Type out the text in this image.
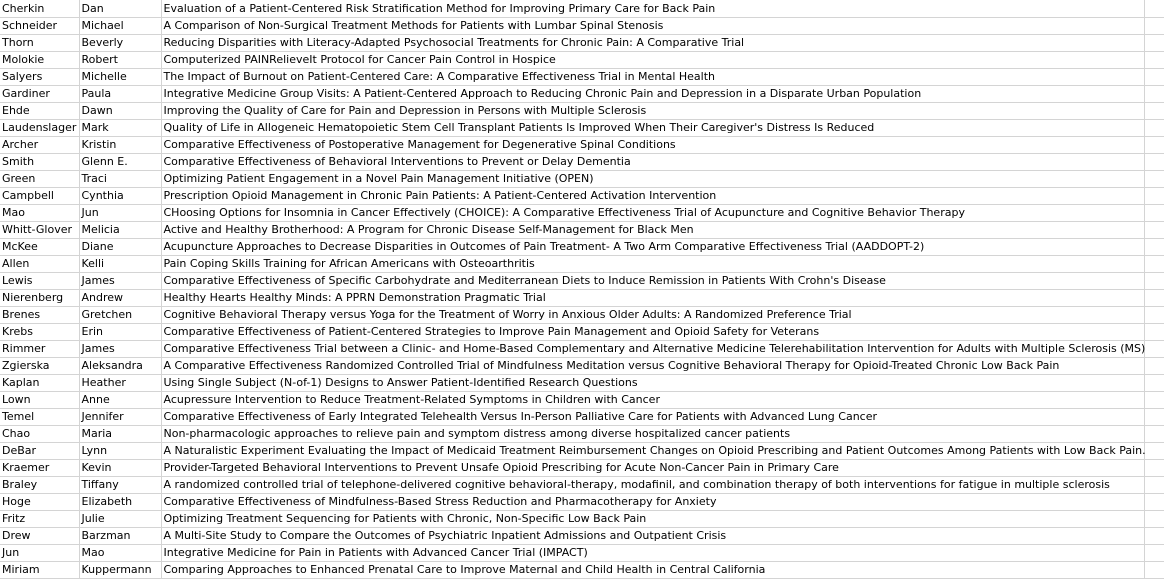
Cherkin	Dan	Evaluation of a Patient-Centered Risk Stratification Method for Improving Primary Care for Back Pain	
Schneider	Michael	A Comparison of Non-Surgical Treatment Methods for Patients with Lumbar Spinal Stenosis	
Thorn	Beverly	Reducing Disparities with Literacy-Adapted Psychosocial Treatments for Chronic Pain: A Comparative Trial	
Molokie	Robert	Computerized PAINRelieveIt Protocol for Cancer Pain Control in Hospice	
Salyers	Michelle	The Impact of Burnout on Patient-Centered Care: A Comparative Effectiveness Trial in Mental Health	
Gardiner	Paula	Integrative Medicine Group Visits: A Patient-Centered Approach to Reducing Chronic Pain and Depression in a Disparate Urban Population	
Ehde	Dawn	Improving the Quality of Care for Pain and Depression in Persons with Multiple Sclerosis	
Laudenslager	Mark	Quality of Life in Allogeneic Hematopoietic Stem Cell Transplant Patients Is Improved When Their Caregiver's Distress Is Reduced	
Archer	Kristin	Comparative Effectiveness of Postoperative Management for Degenerative Spinal Conditions	
Smith	Glenn E.	Comparative Effectiveness of Behavioral Interventions to Prevent or Delay Dementia	
Green	Traci	Optimizing Patient Engagement in a Novel Pain Management Initiative (OPEN)	
Campbell	Cynthia	Prescription Opioid Management in Chronic Pain Patients: A Patient-Centered Activation Intervention	
Mao	Jun	CHoosing Options for Insomnia in Cancer Effectively (CHOICE): A Comparative Effectiveness Trial of Acupuncture and Cognitive Behavior Therapy	
Whitt-Glover	Melicia	Active and Healthy Brotherhood: A Program for Chronic Disease Self-Management for Black Men	
McKee	Diane	Acupuncture Approaches to Decrease Disparities in Outcomes of Pain Treatment- A Two Arm Comparative Effectiveness Trial (AADDOPT-2)	
Allen	Kelli	Pain Coping Skills Training for African Americans with Osteoarthritis	
Lewis	James	Comparative Effectiveness of Specific Carbohydrate and Mediterranean Diets to Induce Remission in Patients With Crohn's Disease	
Nierenberg	Andrew	Healthy Hearts Healthy Minds: A PPRN Demonstration Pragmatic Trial	
Brenes	Gretchen	Cognitive Behavioral Therapy versus Yoga for the Treatment of Worry in Anxious Older Adults: A Randomized Preference Trial	
Krebs	Erin	Comparative Effectiveness of Patient-Centered Strategies to Improve Pain Management and Opioid Safety for Veterans	
Rimmer	James	Comparative Effectiveness Trial between a Clinic- and Home-Based Complementary and Alternative Medicine Telerehabilitation Intervention for Adults with Multiple Sclerosis (MS)	
Zgierska	Aleksandra	A Comparative Effectiveness Randomized Controlled Trial of Mindfulness Meditation versus Cognitive Behavioral Therapy for Opioid-Treated Chronic Low Back Pain	
Kaplan	Heather	Using Single Subject (N-of-1) Designs to Answer Patient-Identified Research Questions	
Lown	Anne	Acupressure Intervention to Reduce Treatment-Related Symptoms in Children with Cancer	
Temel	Jennifer	Comparative Effectiveness of Early Integrated Telehealth Versus In-Person Palliative Care for Patients with Advanced Lung Cancer	
Chao	Maria	Non-pharmacologic approaches to relieve pain and symptom distress among diverse hospitalized cancer patients	
DeBar	Lynn	A Naturalistic Experiment Evaluating the Impact of Medicaid Treatment Reimbursement Changes on Opioid Prescribing and Patient Outcomes Among Patients with Low Back Pain.	
Kraemer	Kevin	Provider-Targeted Behavioral Interventions to Prevent Unsafe Opioid Prescribing for Acute Non-Cancer Pain in Primary Care	
Braley	Tiffany	A randomized controlled trial of telephone-delivered cognitive behavioral-therapy, modafinil, and combination therapy of both interventions for fatigue in multiple sclerosis	
Hoge	Elizabeth	Comparative Effectiveness of Mindfulness-Based Stress Reduction and Pharmacotherapy for Anxiety	
Fritz	Julie	Optimizing Treatment Sequencing for Patients with Chronic, Non-Specific Low Back Pain	
Drew	Barzman	A Multi-Site Study to Compare the Outcomes of Psychiatric Inpatient Admissions and Outpatient Crisis	
Jun	Mao	Integrative Medicine for Pain in Patients with Advanced Cancer Trial (IMPACT)	
Miriam	Kuppermann	Comparing Approaches to Enhanced Prenatal Care to Improve Maternal and Child Health in Central California	
